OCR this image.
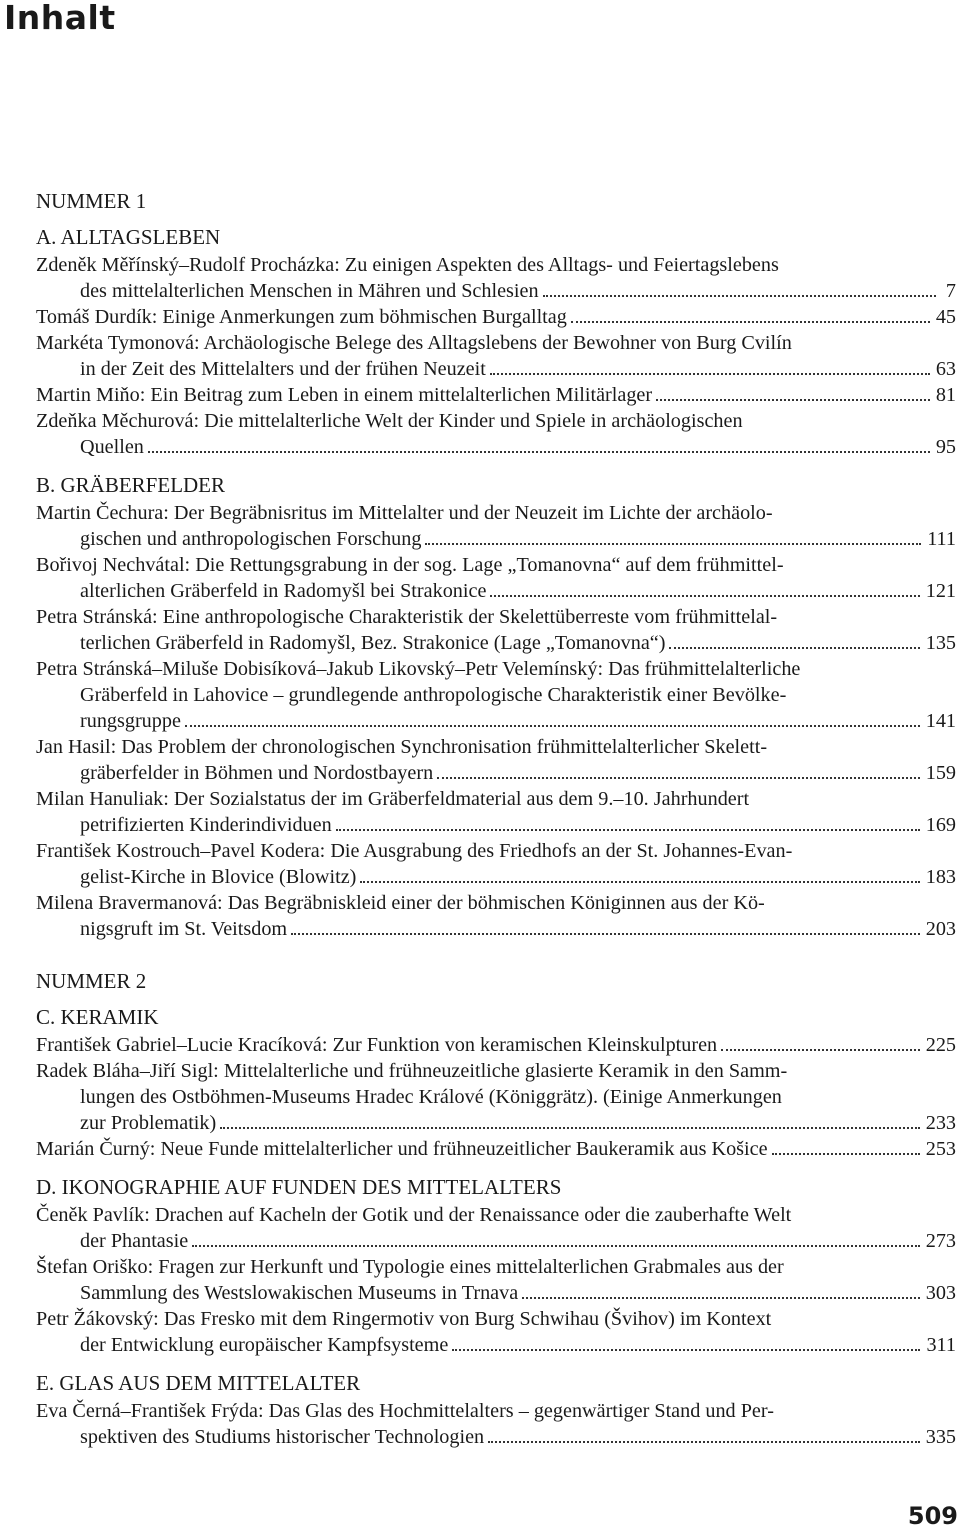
Inhalt
NUMMER 1
A. ALLTAGSLEBEN
Zdeněk Měřínský–Rudolf Procházka: Zu einigen Aspekten des Alltags- und Feiertagslebens
des mittelalterlichen Menschen in Mähren und Schlesien	7
Tomáš Durdík: Einige Anmerkungen zum böhmischen Burgalltag	45
Markéta Tymonová: Archäologische Belege des Alltagslebens der Bewohner von Burg Cvilín
in der Zeit des Mittelalters und der frühen Neuzeit	63
Martin Miňo: Ein Beitrag zum Leben in einem mittelalterlichen Militärlager	81
Zdeňka Měchurová: Die mittelalterliche Welt der Kinder und Spiele in archäologischen
Quellen	95
B. GRÄBERFELDER
Martin Čechura: Der Begräbnisritus im Mittelalter und der Neuzeit im Lichte der archäolo-
gischen und anthropologischen Forschung	111
Bořivoj Nechvátal: Die Rettungsgrabung in der sog. Lage „Tomanovna“ auf dem frühmittel-
alterlichen Gräberfeld in Radomyšl bei Strakonice	121
Petra Stránská: Eine anthropologische Charakteristik der Skelettüberreste vom frühmittelal-
terlichen Gräberfeld in Radomyšl, Bez. Strakonice (Lage „Tomanovna“)	135
Petra Stránská–Miluše Dobisíková–Jakub Likovský–Petr Velemínský: Das frühmittelalterliche
Gräberfeld in Lahovice – grundlegende anthropologische Charakteristik einer Bevölke-
rungsgruppe	141
Jan Hasil: Das Problem der chronologischen Synchronisation frühmittelalterlicher Skelett-
gräberfelder in Böhmen und Nordostbayern	159
Milan Hanuliak: Der Sozialstatus der im Gräberfeldmaterial aus dem 9.–10. Jahrhundert
petrifizierten Kinderindividuen	169
František Kostrouch–Pavel Kodera: Die Ausgrabung des Friedhofs an der St. Johannes-Evan-
gelist-Kirche in Blovice (Blowitz)	183
Milena Bravermanová: Das Begräbniskleid einer der böhmischen Königinnen aus der Kö-
nigsgruft im St. Veitsdom	203
NUMMER 2
C. KERAMIK
František Gabriel–Lucie Kracíková: Zur Funktion von keramischen Kleinskulpturen	225
Radek Bláha–Jiří Sigl: Mittelalterliche und frühneuzeitliche glasierte Keramik in den Samm-
lungen des Ostböhmen-Museums Hradec Králové (Königgrätz). (Einige Anmerkungen
zur Problematik)	233
Marián Čurný: Neue Funde mittelalterlicher und frühneuzeitlicher Baukeramik aus Košice	253
D. IKONOGRAPHIE AUF FUNDEN DES MITTELALTERS
Čeněk Pavlík: Drachen auf Kacheln der Gotik und der Renaissance oder die zauberhafte Welt
der Phantasie	273
Štefan Oriško: Fragen zur Herkunft und Typologie eines mittelalterlichen Grabmales aus der
Sammlung des Westslowakischen Museums in Trnava	303
Petr Žákovský: Das Fresko mit dem Ringermotiv von Burg Schwihau (Švihov) im Kontext
der Entwicklung europäischer Kampfsysteme	311
E. GLAS AUS DEM MITTELALTER
Eva Černá–František Frýda: Das Glas des Hochmittelalters – gegenwärtiger Stand und Per-
spektiven des Studiums historischer Technologien	335
509
